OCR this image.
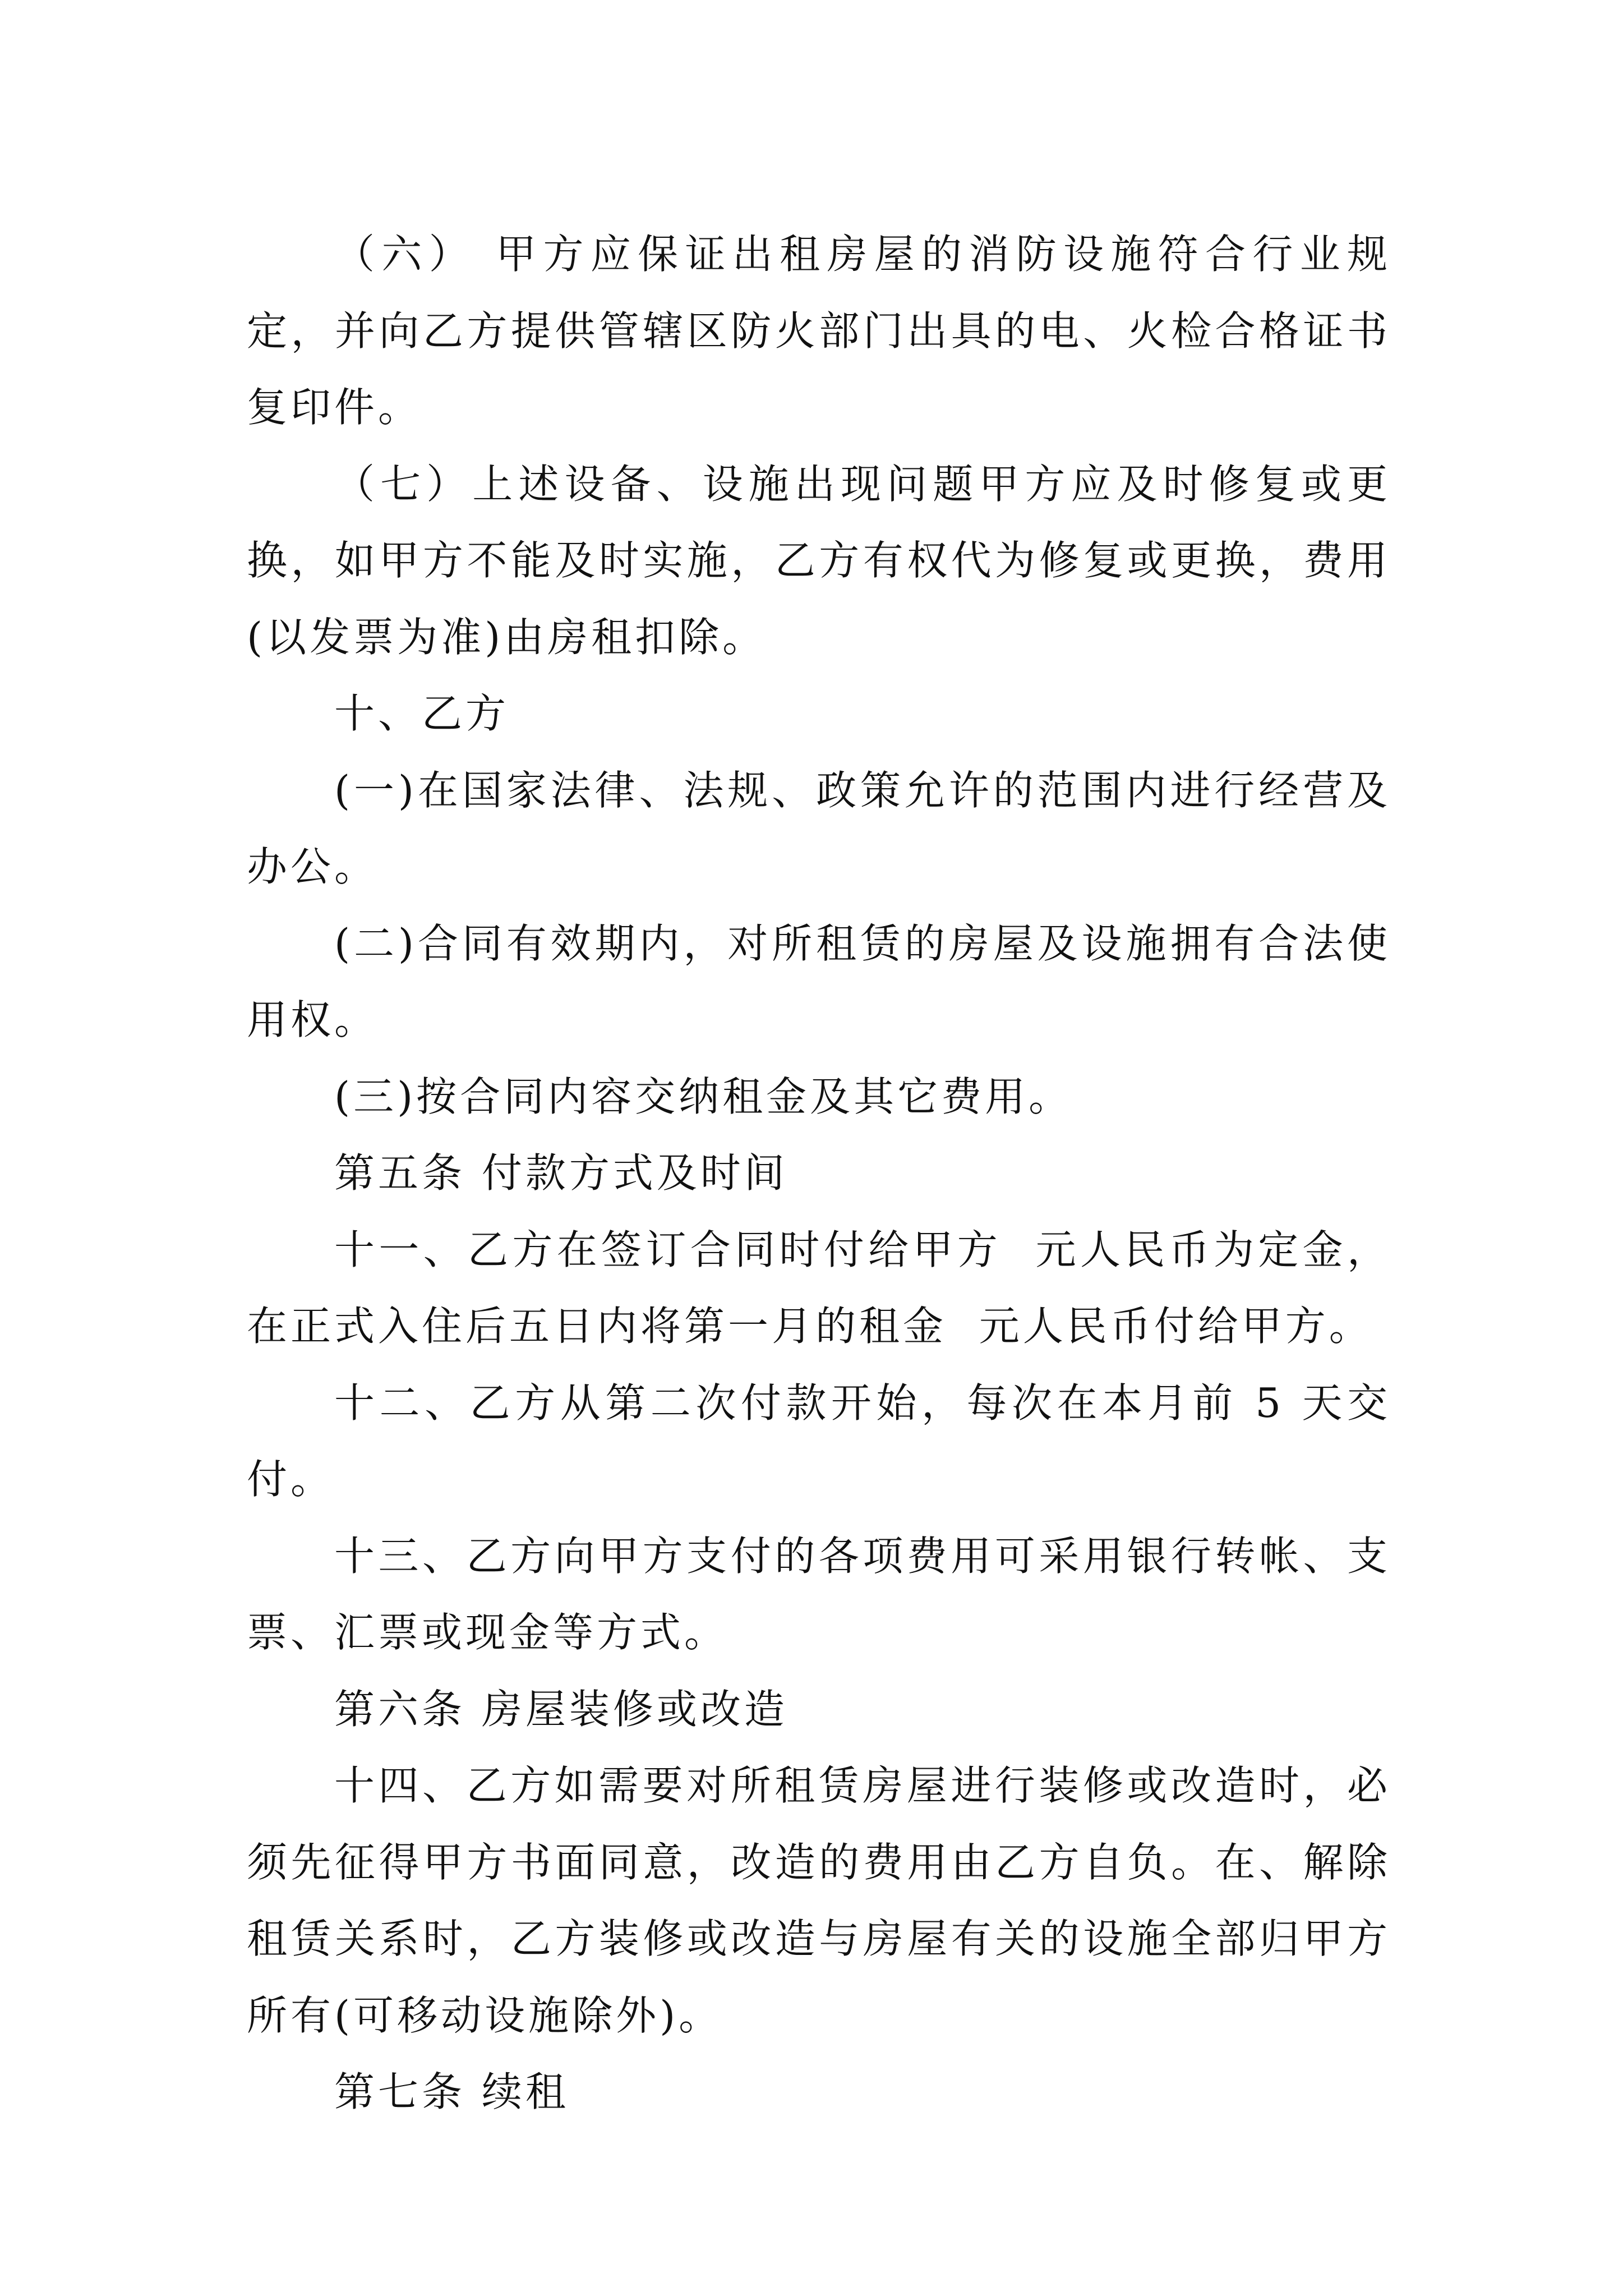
（六） 甲方应保证出租房屋的消防设施符合行业规定，并向乙方提供管辖区防火部门出具的电、火检合格证书复印件。

（七）上述设备、设施出现问题甲方应及时修复或更换，如甲方不能及时实施，乙方有权代为修复或更换，费用(以发票为准)由房租扣除。

十、乙方

(一)在国家法律、法规、政策允许的范围内进行经营及办公。

(二)合同有效期内，对所租赁的房屋及设施拥有合法使用权。

(三)按合同内容交纳租金及其它费用。

第五条 付款方式及时间

十一、乙方在签订合同时付给甲方  元人民币为定金，在正式入住后五日内将第一月的租金  元人民币付给甲方。

十二、乙方从第二次付款开始，每次在本月前 5 天交付。

十三、乙方向甲方支付的各项费用可采用银行转帐、支票、汇票或现金等方式。

第六条 房屋装修或改造

十四、乙方如需要对所租赁房屋进行装修或改造时，必须先征得甲方书面同意，改造的费用由乙方自负。在、解除租赁关系时，乙方装修或改造与房屋有关的设施全部归甲方所有(可移动设施除外)。

第七条 续租
